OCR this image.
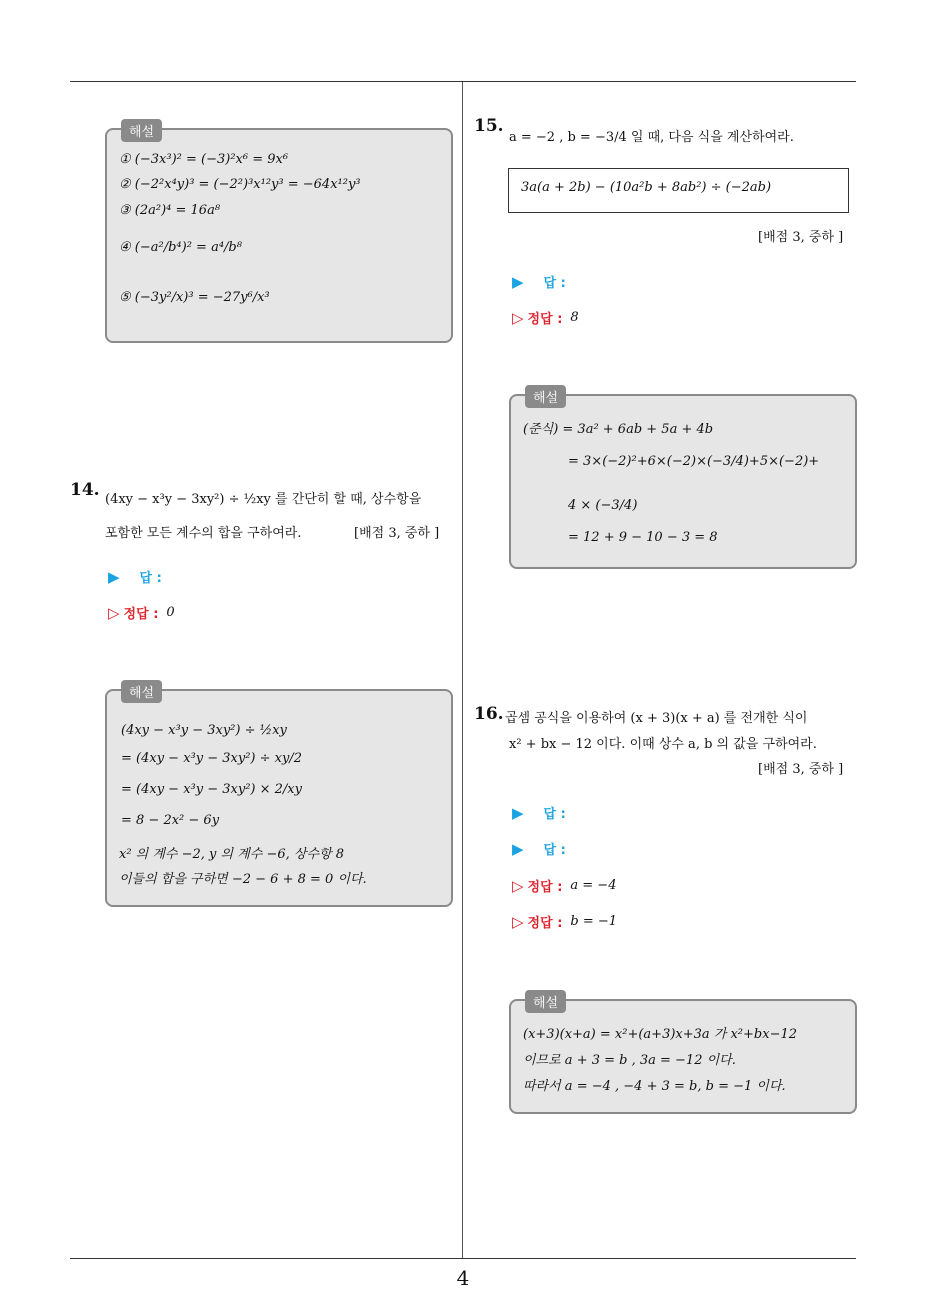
4
해설
① (−3x³)² = (−3)²x⁶ = 9x⁶
② (−2²x⁴y)³ = (−2²)³x¹²y³ = −64x¹²y³
③ (2a²)⁴ = 16a⁸
④ (−a²/b⁴)² = a⁴/b⁸
⑤ (−3y²/x)³ = −27y⁶/x³
14. (4xy − x³y − 3xy²) ÷ ½xy 를 간단히 할 때, 상수항을
포함한 모든 계수의 합을 구하여라.	[배점 3, 중하 ]
▶ 답 :
▷ 정답 : 0
해설
(4xy − x³y − 3xy²) ÷ ½xy
= (4xy − x³y − 3xy²) ÷ xy/2
= (4xy − x³y − 3xy²) × 2/xy
= 8 − 2x² − 6y
x² 의 계수 −2, y 의 계수 −6, 상수항 8
이들의 합을 구하면 −2 − 6 + 8 = 0 이다.
15.
a = −2 , b = −3/4 일 때, 다음 식을 계산하여라.
3a(a + 2b) − (10a²b + 8ab²) ÷ (−2ab)
[배점 3, 중하 ]
▶ 답 :
▷ 정답 : 8
해설
(준식) = 3a² + 6ab + 5a + 4b
= 3×(−2)²+6×(−2)×(−3/4)+5×(−2)+
4 × (−3/4)
= 12 + 9 − 10 − 3 = 8
16. 곱셈 공식을 이용하여 (x + 3)(x + a) 를 전개한 식이
x² + bx − 12 이다. 이때 상수 a, b 의 값을 구하여라.
[배점 3, 중하 ]
▶ 답 :
▶ 답 :
▷ 정답 : a = −4
▷ 정답 : b = −1
해설
(x+3)(x+a) = x²+(a+3)x+3a 가 x²+bx−12
이므로 a + 3 = b , 3a = −12 이다.
따라서 a = −4 , −4 + 3 = b, b = −1 이다.
